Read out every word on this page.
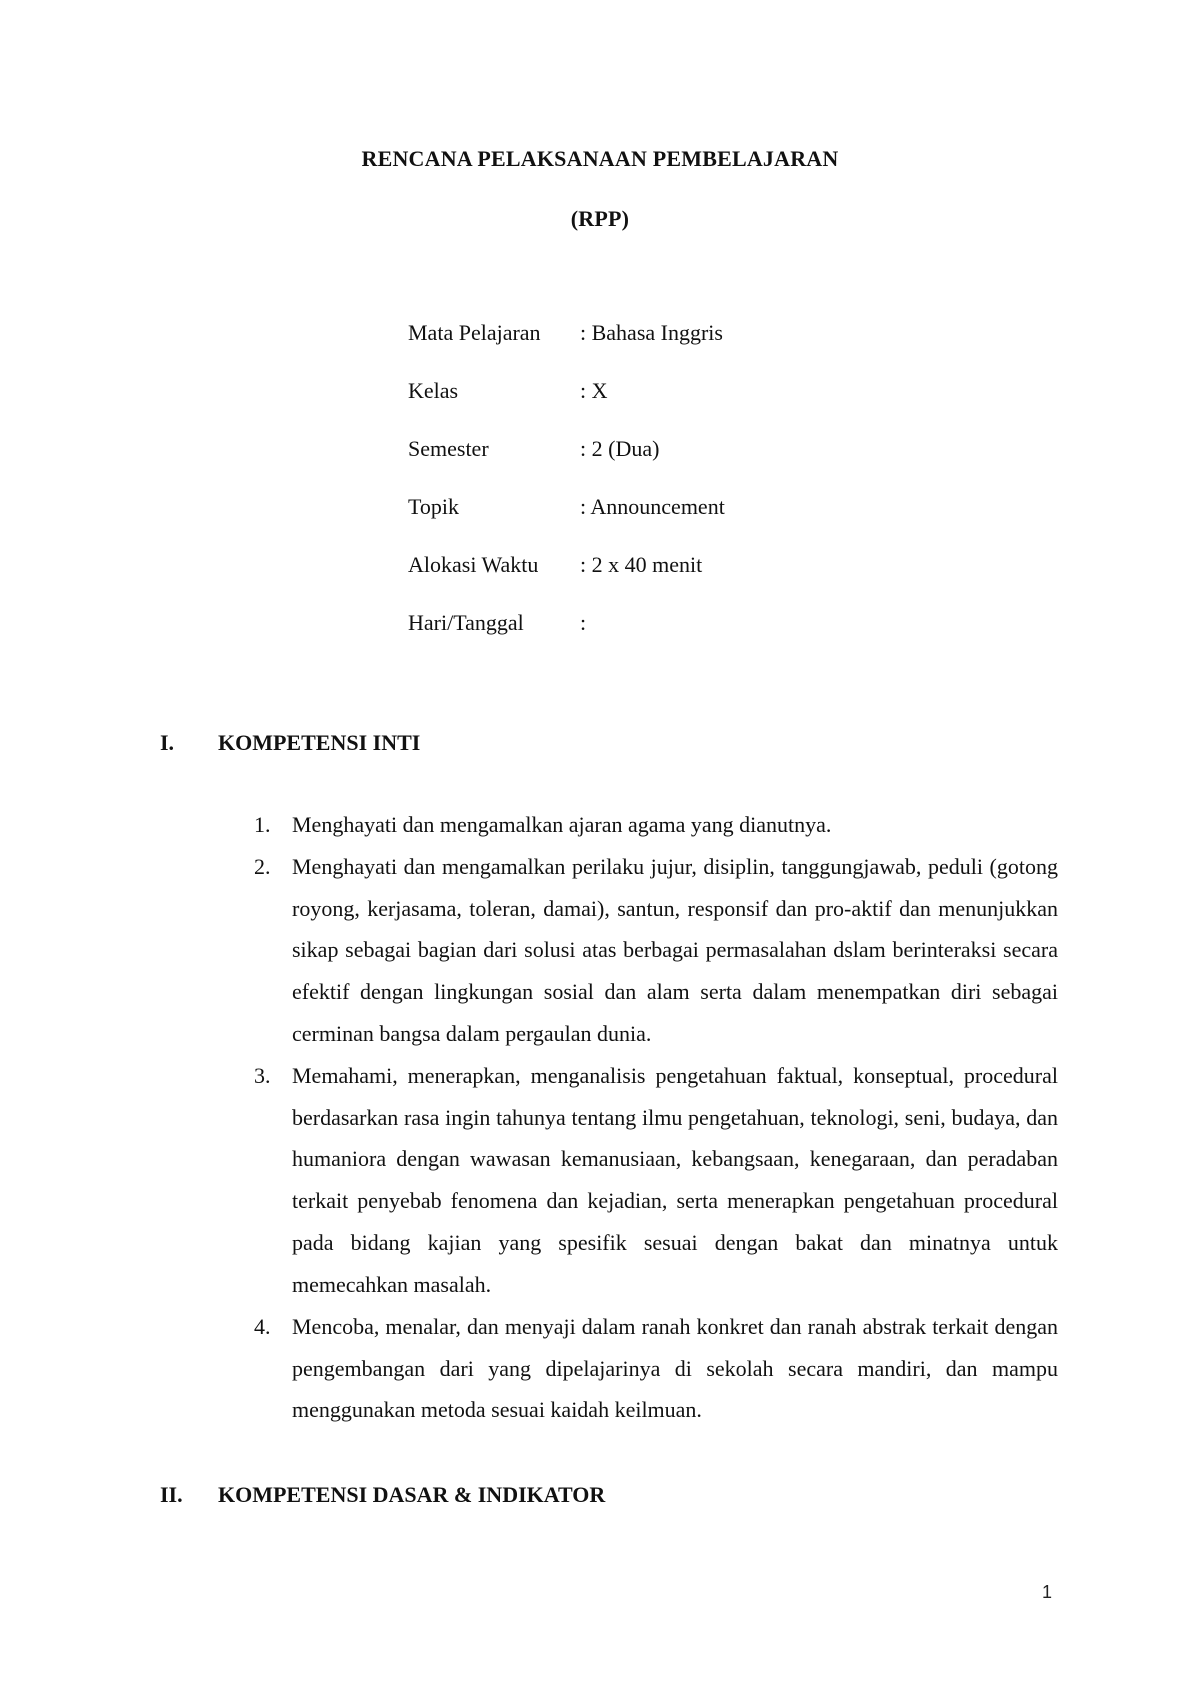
RENCANA PELAKSANAAN PEMBELAJARAN
(RPP)
Mata Pelajaran	: Bahasa Inggris
Kelas	: X
Semester	: 2 (Dua)
Topik	: Announcement
Alokasi Waktu	: 2 x 40 menit
Hari/Tanggal	:
I.	KOMPETENSI INTI
1. Menghayati dan mengamalkan ajaran agama yang dianutnya.
2. Menghayati dan mengamalkan perilaku jujur, disiplin, tanggungjawab, peduli (gotong royong, kerjasama, toleran, damai), santun, responsif dan pro-aktif dan menunjukkan sikap sebagai bagian dari solusi atas berbagai permasalahan dslam berinteraksi secara efektif dengan lingkungan sosial dan alam serta dalam menempatkan diri sebagai cerminan bangsa dalam pergaulan dunia.
3. Memahami, menerapkan, menganalisis pengetahuan faktual, konseptual, procedural berdasarkan rasa ingin tahunya tentang ilmu pengetahuan, teknologi, seni, budaya, dan humaniora dengan wawasan kemanusiaan, kebangsaan, kenegaraan, dan peradaban terkait penyebab fenomena dan kejadian, serta menerapkan pengetahuan procedural pada bidang kajian yang spesifik sesuai dengan bakat dan minatnya untuk memecahkan masalah.
4. Mencoba, menalar, dan menyaji dalam ranah konkret dan ranah abstrak terkait dengan pengembangan dari yang dipelajarinya di sekolah secara mandiri, dan mampu menggunakan metoda sesuai kaidah keilmuan.
II.	KOMPETENSI DASAR & INDIKATOR
1
